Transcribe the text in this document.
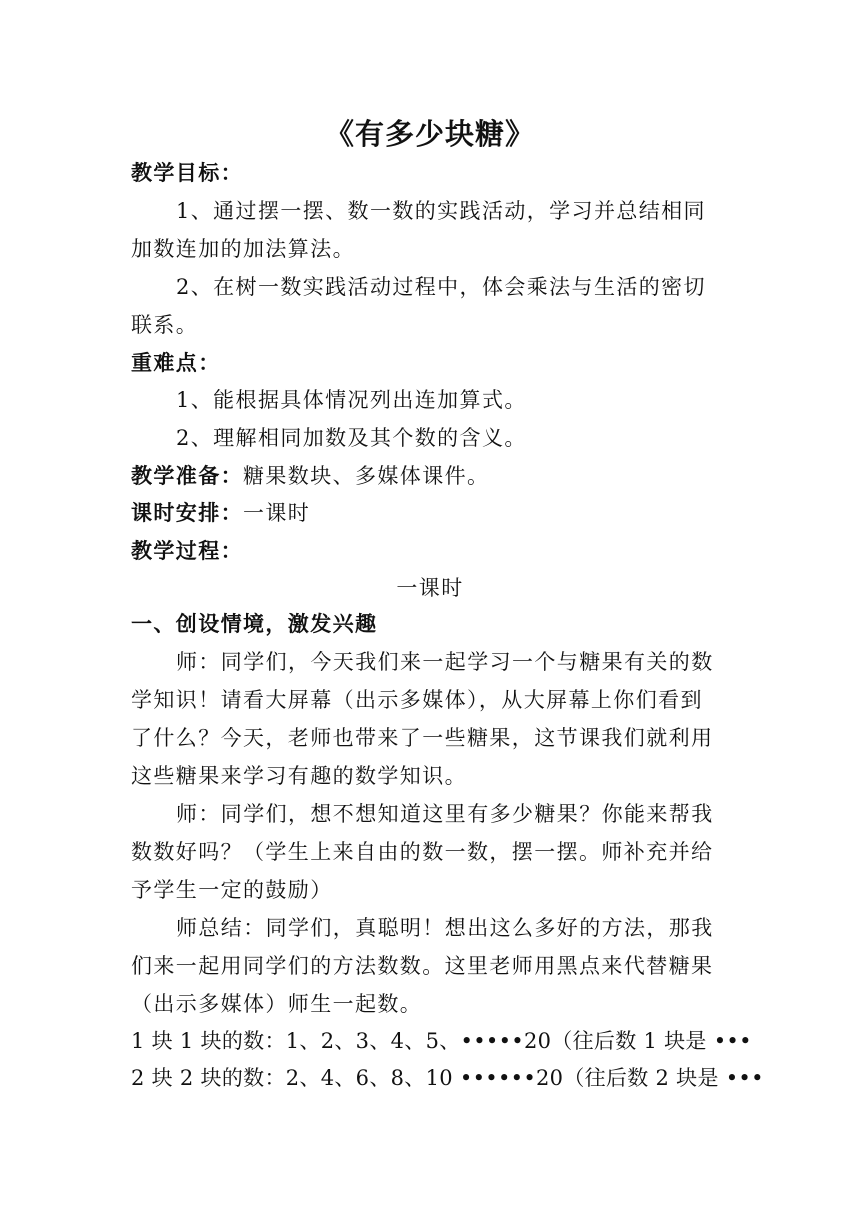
《有多少块糖》
教学目标：
1、通过摆一摆、数一数的实践活动，学习并总结相同
加数连加的加法算法。
2、在树一数实践活动过程中，体会乘法与生活的密切
联系。
重难点：
1、能根据具体情况列出连加算式。
2、理解相同加数及其个数的含义。
教学准备：糖果数块、多媒体课件。
课时安排：一课时
教学过程：
一课时
一、创设情境，激发兴趣
师：同学们，今天我们来一起学习一个与糖果有关的数
学知识！请看大屏幕（出示多媒体），从大屏幕上你们看到
了什么？今天，老师也带来了一些糖果，这节课我们就利用
这些糖果来学习有趣的数学知识。
师：同学们，想不想知道这里有多少糖果？你能来帮我
数数好吗？（学生上来自由的数一数，摆一摆。师补充并给
予学生一定的鼓励）
师总结：同学们，真聪明！想出这么多好的方法，那我
们来一起用同学们的方法数数。这里老师用黑点来代替糖果
（出示多媒体）师生一起数。
1 块 1 块的数：1、2、3、4、5、•••••20（往后数 1 块是 •••
2 块 2 块的数：2、4、6、8、10 ••••••20（往后数 2 块是 •••
